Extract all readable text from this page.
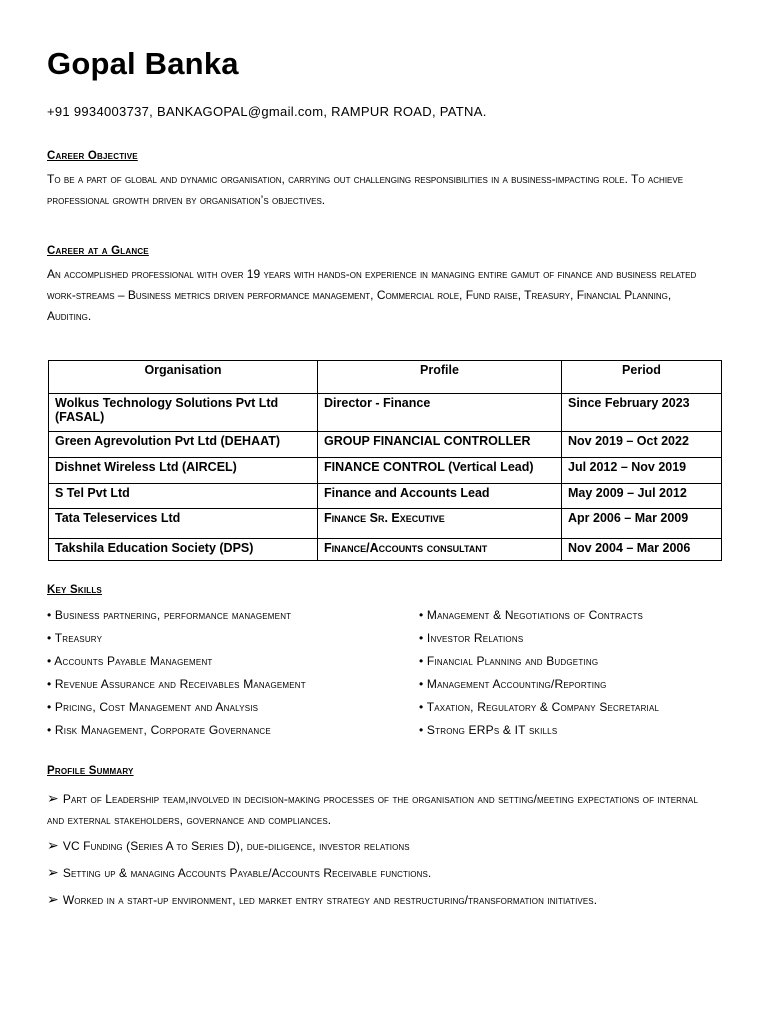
Gopal Banka
+91 9934003737, BANKAGOPAL@gmail.com, RAMPUR ROAD, PATNA.
Career Objective
To be a part of global and dynamic organisation, carrying out challenging responsibilities in a business-impacting role. To achieve professional growth driven by organisation’s objectives.
Career at a Glance
An accomplished professional with over 19 years with hands-on experience in managing entire gamut of finance and business related work-streams – Business metrics driven performance management, Commercial role, Fund raise, Treasury, Financial Planning, Auditing.
Organisation	Profile	Period
Wolkus Technology Solutions Pvt Ltd (FASAL)	Director - Finance	Since February 2023
Green Agrevolution Pvt Ltd (DEHAAT)	GROUP FINANCIAL CONTROLLER	Nov 2019 – Oct 2022
Dishnet Wireless Ltd (AIRCEL)	FINANCE CONTROL (Vertical Lead)	Jul 2012 – Nov 2019
S Tel Pvt Ltd	Finance and Accounts Lead	May 2009 – Jul 2012
Tata Teleservices Ltd	Finance Sr. Executive	Apr 2006 – Mar 2009
Takshila Education Society (DPS)	Finance/Accounts consultant	Nov 2004 – Mar 2006
Key Skills
• Business partnering, performance management	• Management & Negotiations of Contracts
• Treasury	• Investor Relations
• Accounts Payable Management	• Financial Planning and Budgeting
• Revenue Assurance and Receivables Management	• Management Accounting/Reporting
• Pricing, Cost Management and Analysis	• Taxation, Regulatory & Company Secretarial
• Risk Management, Corporate Governance	• Strong ERPs & IT skills
Profile Summary
➢ Part of Leadership team,involved in decision-making processes of the organisation and setting/meeting expectations of internal and external stakeholders, governance and compliances.
➢ VC Funding (Series A to Series D), due-diligence, investor relations
➢ Setting up & managing Accounts Payable/Accounts Receivable functions.
➢ Worked in a start-up environment, led market entry strategy and restructuring/transformation initiatives.
